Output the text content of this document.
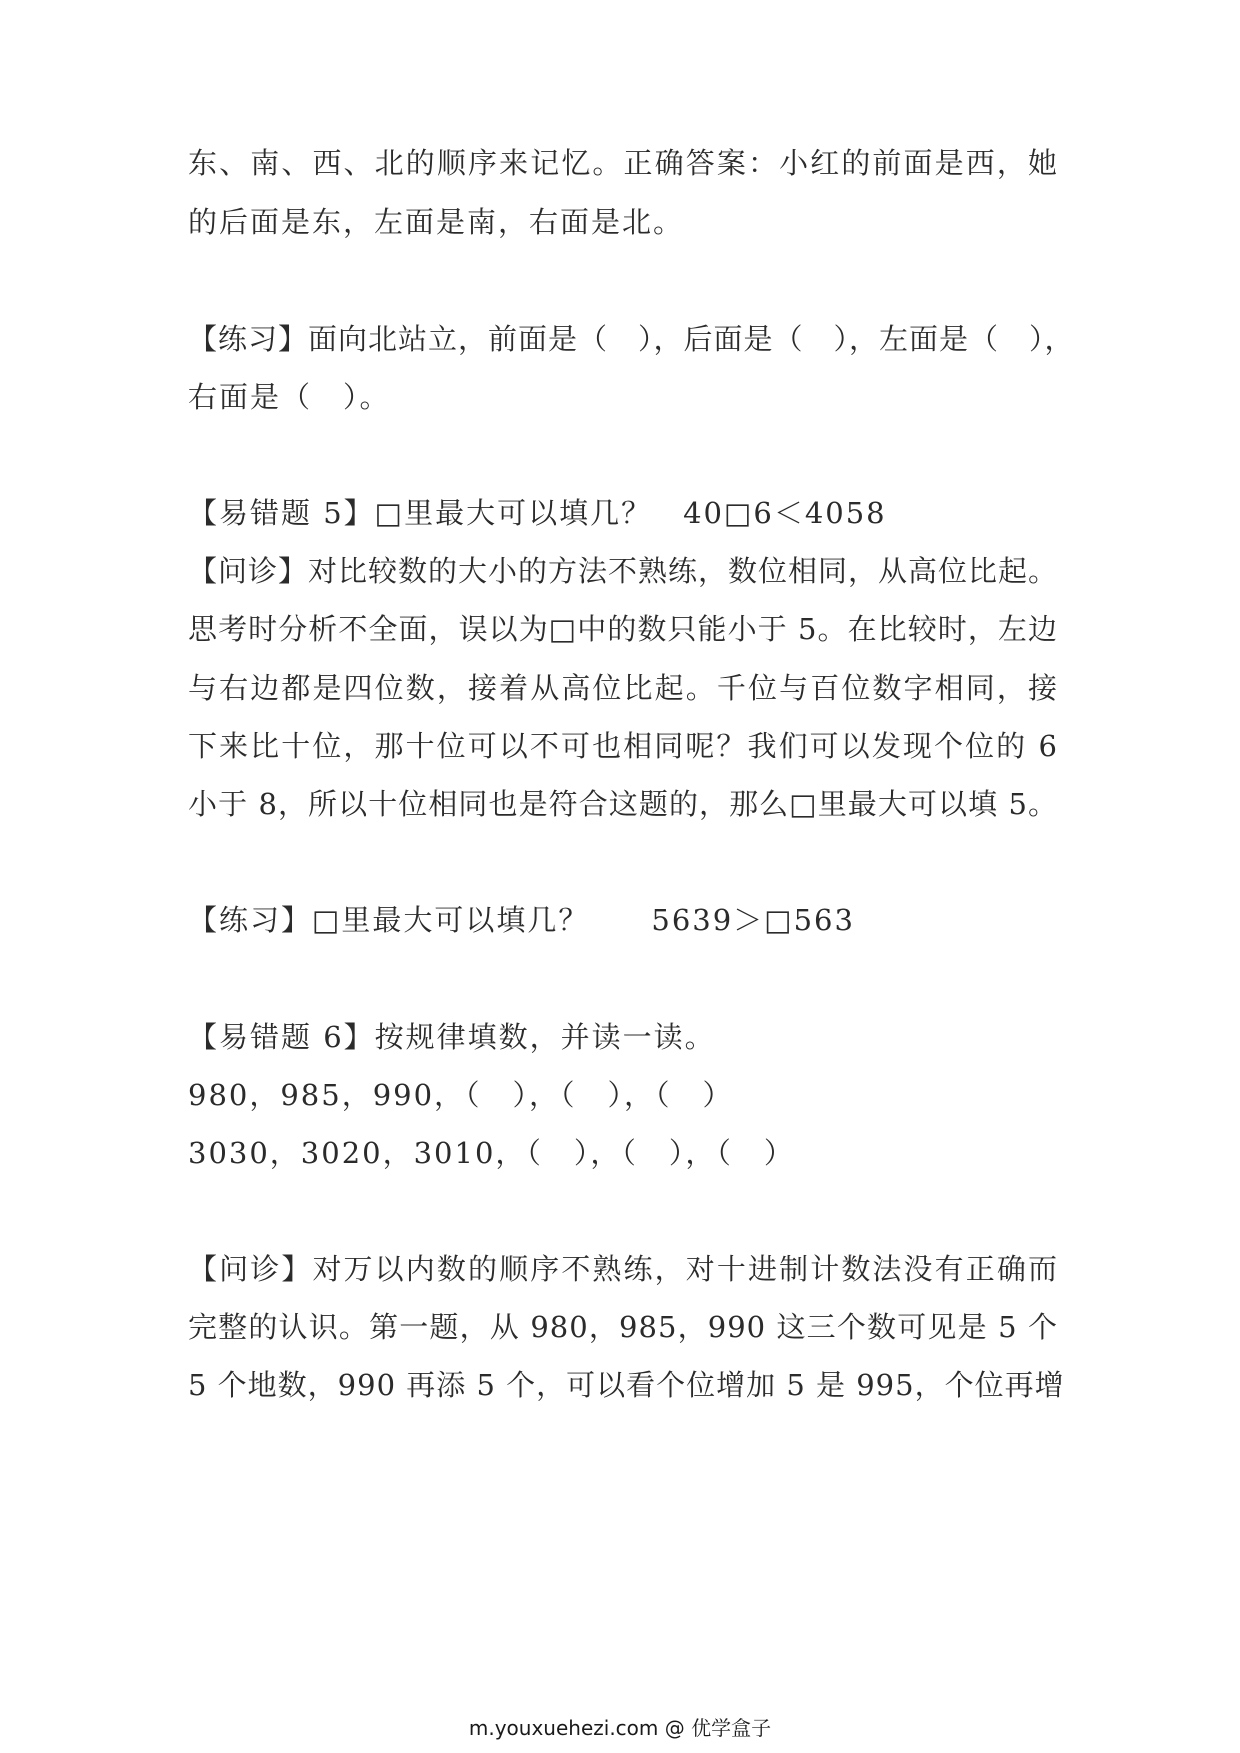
东、南、西、北的顺序来记忆。正确答案：小红的前面是西，她
的后面是东，左面是南，右面是北。
【练习】面向北站立，前面是（　），后面是（　），左面是（　），
右面是（　）。
【易错题 5】□里最大可以填几？　40□6＜4058
【问诊】对比较数的大小的方法不熟练，数位相同，从高位比起。
思考时分析不全面，误以为□中的数只能小于 5。在比较时，左边
与右边都是四位数，接着从高位比起。千位与百位数字相同，接
下来比十位，那十位可以不可也相同呢？我们可以发现个位的 6
小于 8，所以十位相同也是符合这题的，那么□里最大可以填 5。
【练习】□里最大可以填几？　　5639＞□563
【易错题 6】按规律填数，并读一读。
980，985，990，（　），（　），（　）
3030，3020，3010，（　），（　），（　）
【问诊】对万以内数的顺序不熟练，对十进制计数法没有正确而
完整的认识。第一题，从 980，985，990 这三个数可见是 5 个
5 个地数，990 再添 5 个，可以看个位增加 5 是 995，个位再增
m.youxuehezi.com @ 优学盒子
